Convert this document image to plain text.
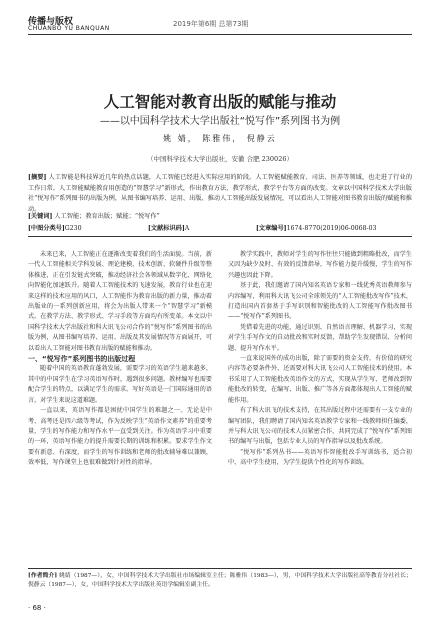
传播与版权
CHUANBO YU BANQUAN
2019年第6期 总第73期
人工智能对教育出版的赋能与推动
——以中国科学技术大学出版社“悦写作”系列图书为例
姚 婧， 陈雅伟， 倪静云
（中国科学技术大学出版社，安徽 合肥 230026）
[摘要] 人工智能是科技界近几年的热点话题，人工智能已经进入实际应用的阶段。人工智能赋能教育、司法、医养等领域，也走进了行业的工作日常。人工智能赋能教育用创造的“智慧学习”新形式，作出教育方法、教学形式、教学平台等方面的改变。文章以中国科学技术大学出版社“悦写作”系列图书的出版为例，从图书编写培养、运用、出版、推动人工智能出版发展情况，可以看出人工智能对图书教育出版的赋能和推动。
[关键词] 人工智能；教育出版；赋能；“悦写作”
[中图分类号]G230	[文献标识码]A	[文章编号]1674-8770(2019)06-0068-03

未来已来，人工智能正在逐渐改变着我们的生活面貌。当前，新一代人工智能相关学科发展、理论建模、技术创新、软硬件升级等整体推进，正在引发链式突破，推动经济社会各领域从数字化、网络化向智能化加速跃升。随着人工智能技术的飞速发展，教育行业也在迎来这样的技术应用的风口，人工智能作为教育出版的新力量，推动着出版业的一系列创新应用，将会为出版人带来一个“智慧学习”新模式。在教学方法、教学形式、学习手段等方面均有所变革。本文以中国科学技术大学出版社和科大讯飞公司合作的“悦写作”系列图书的出版为例，从图书编写培养、运用、出版及其发展情况等方面展开，可以看出人工智能对图书教育出版的赋能和推动。

一、“悦写作”系列图书的出版过程

随着中国的英语教育蓬勃发展，需要学习的英语学生越来越多，其中的中国学生在学习英语写作时，遇到很多问题。教材编写也需要配合学生的特点，以满足学生的需求。写好英语是一门国际通用的语言，对学生来说这道难题。

一直以来，英语写作都是困扰中国学生的难题之一。无论是中考、高考还是四六级等考试，作为反映学生“英语作文素养”的重要考量，学生的写作能力和写作水平一直受到关注。作为英语学习中重要的一环，英语写作能力的提升需要长期的训练和积累。要求学生作文要有新意、有深度，而学生的写作训练和老师的批改辅导难以兼顾，效率低，写作课堂上也很难做到针对性的指导。

教学实践中，教师对学生的写作往往只能做到粗略批改，而学生又因为缺少及时、有效的反馈指导，写作能力提升缓慢，学生的写作兴趣也因此下降。

基于此，我们邀请了国内知名英语专家和一线优秀英语教师参与内容编写，利用科大讯飞公司全球领先的“人工智能批改写作”技术，打造出国内首套基于手写识别和智能批改的人工智能写作批改图书——“悦写作”系列图书。

凭借着先进的功能，通过识别、自然语言理解、机器学习，实现对学生手写作文的自动批改和实时反馈，帮助学生发现错误、分析问题、提升写作水平。

一直来说国外的成功出版，除了需要的资金支持，有价值的研究内容等必要条件外，还需要对科大讯飞公司人工智能技术的使用。本书采用了人工智能批改英语作文的方式，实现从学生写、老师改到智能批改的转变，在编写、出版、推广等各方面都体现出人工智能的赋能作用。

有了科大讯飞的技术支持，在其出版过程中还需要有一支专业的编写团队，我们聘请了国内知名英语教学专家和一线教师担任编委，并与科大讯飞公司的技术人员紧密合作，共同完成了“悦写作”系列图书的编写与出版，包括专业人员的写作指导以及批改系统。

“悦写作”系列丛书——英语写作智能批改手写训练书，适合初中、高中学生使用，为学生提供个性化的写作训练。

[作者简介] 姚婧（1987—），女，中国科学技术大学出版社市场编辑室主任；陈雅伟（1983—），男，中国科学技术大学出版社高等教育分社社长；倪静云（1987—），女，中国科学技术大学出版社英语学编辑室副主任。
· 68 ·
